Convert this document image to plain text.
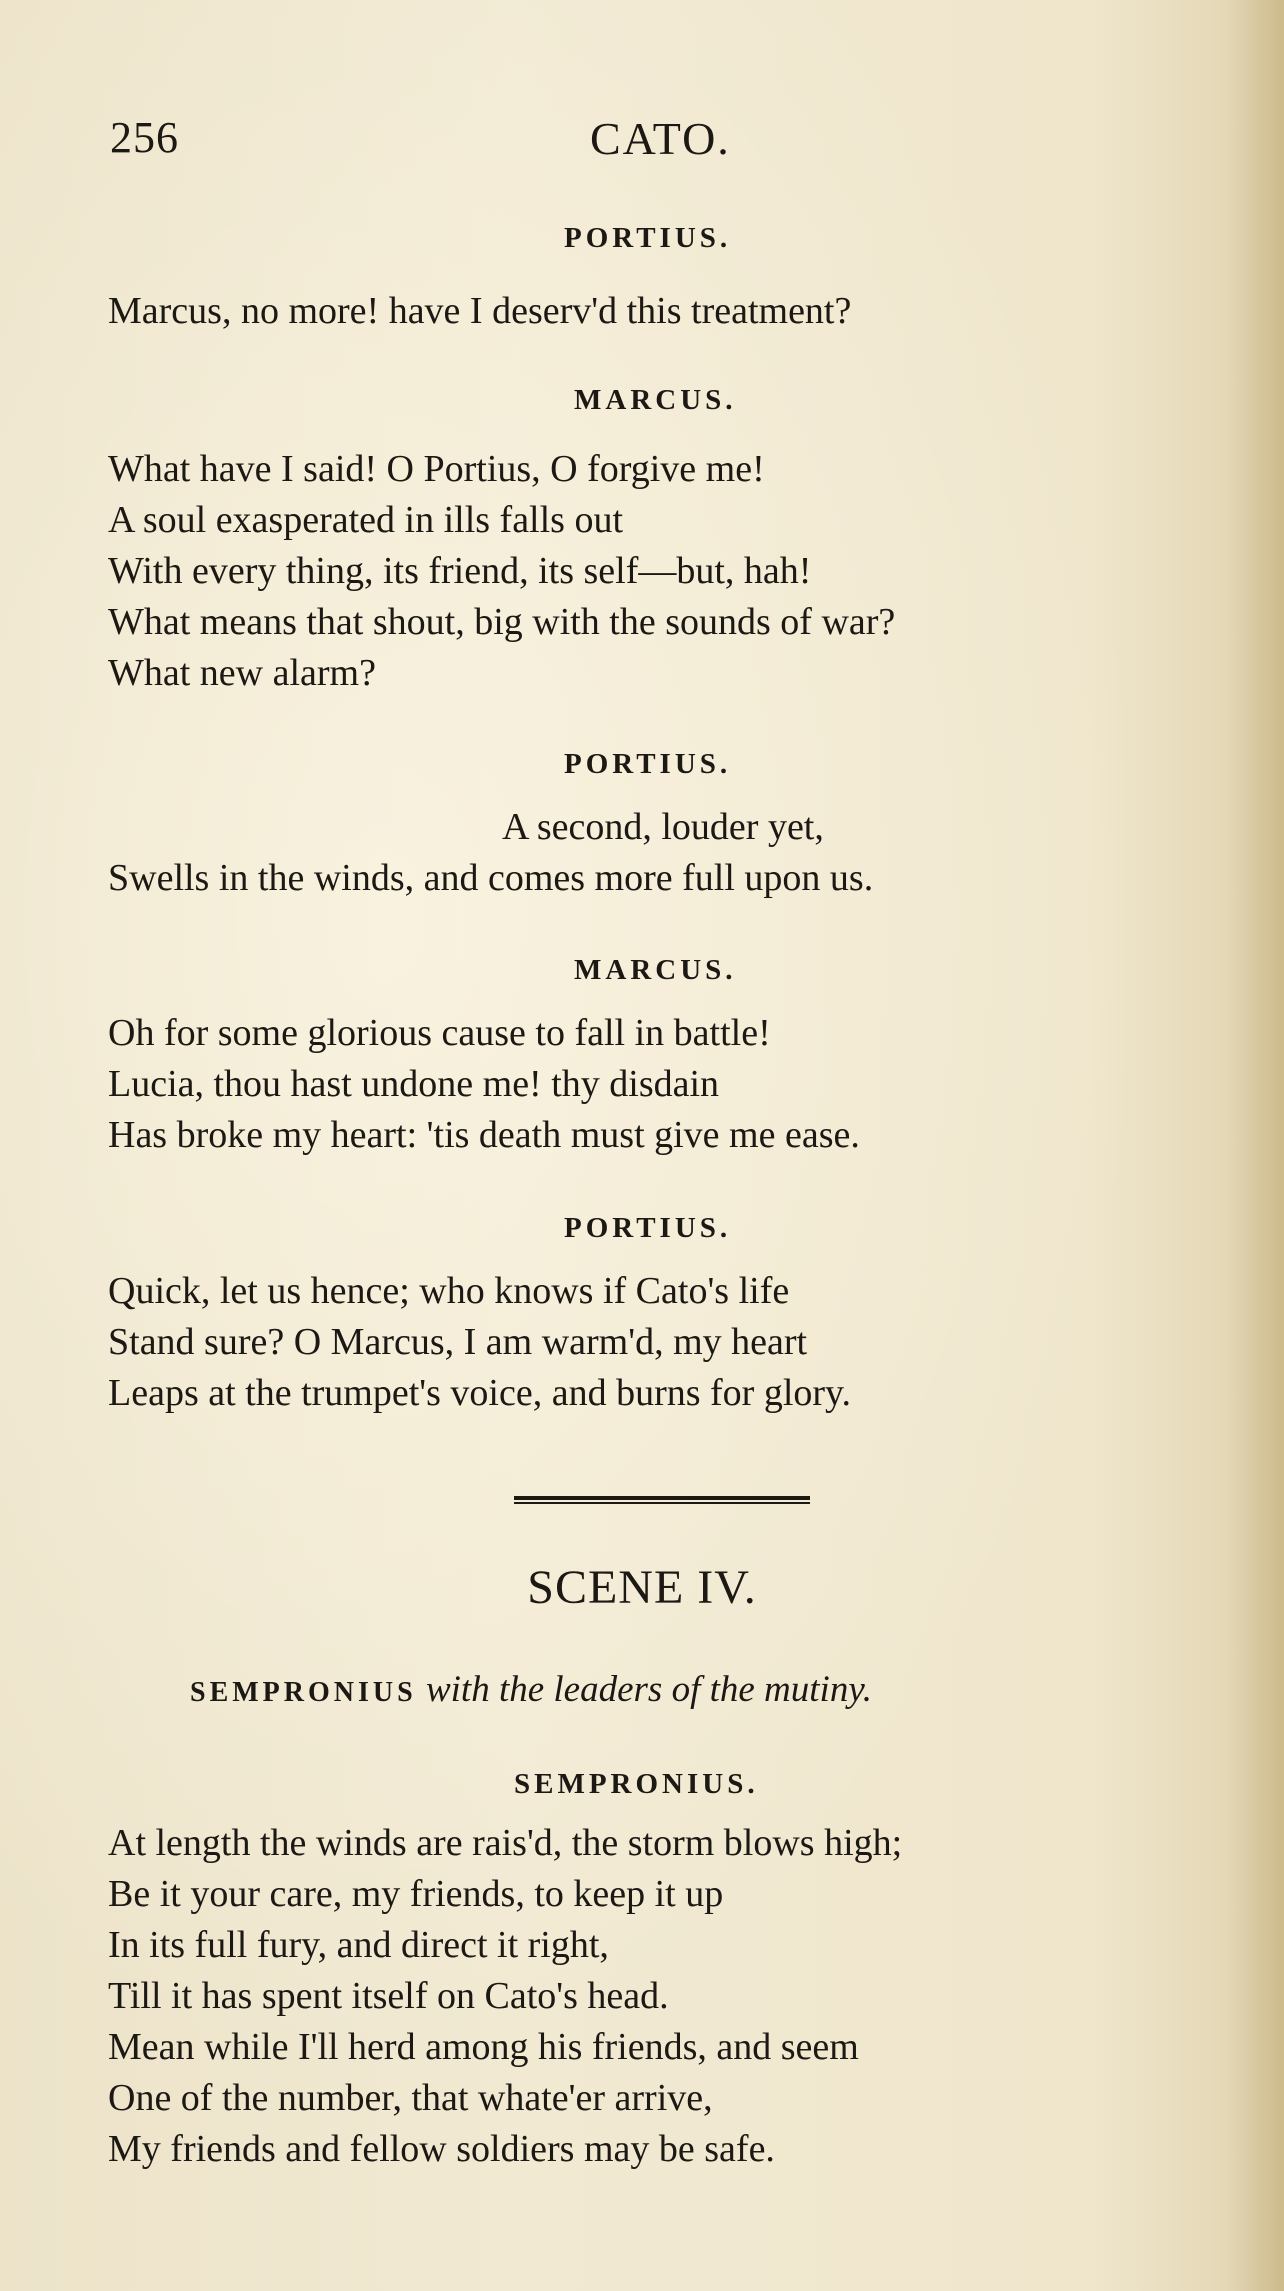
256	CATO.
PORTIUS.
Marcus, no more! have I deserv'd this treatment?
MARCUS.
What have I said! O Portius, O forgive me!
A soul exasperated in ills falls out
With every thing, its friend, its self—but, hah!
What means that shout, big with the sounds of war?
What new alarm?
PORTIUS.
A second, louder yet,
Swells in the winds, and comes more full upon us.
MARCUS.
Oh for some glorious cause to fall in battle!
Lucia, thou hast undone me! thy disdain
Has broke my heart: 'tis death must give me ease.
PORTIUS.
Quick, let us hence; who knows if Cato's life
Stand sure? O Marcus, I am warm'd, my heart
Leaps at the trumpet's voice, and burns for glory.
SCENE IV.
SEMPRONIUS with the leaders of the mutiny.
SEMPRONIUS.
At length the winds are rais'd, the storm blows high;
Be it your care, my friends, to keep it up
In its full fury, and direct it right,
Till it has spent itself on Cato's head.
Mean while I'll herd among his friends, and seem
One of the number, that whate'er arrive,
My friends and fellow soldiers may be safe.
